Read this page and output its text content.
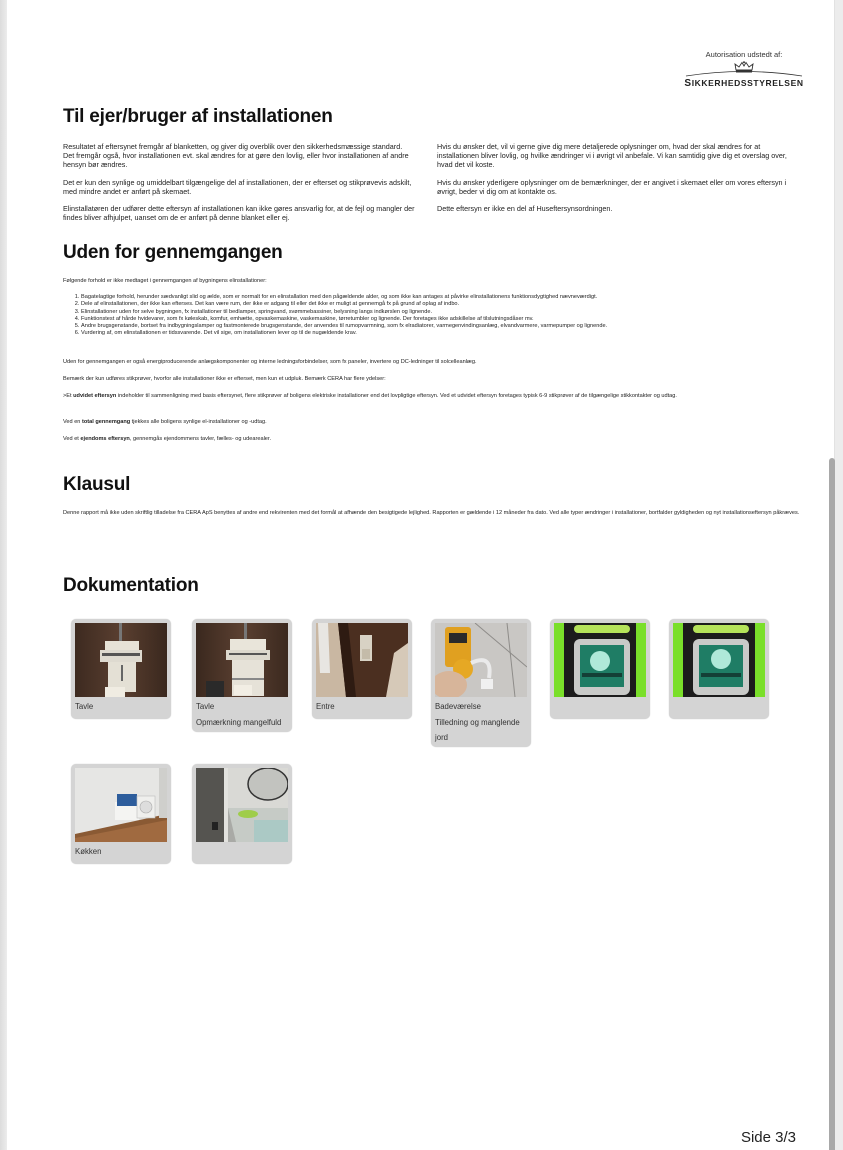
Autorisation udstedt af:
SIKKERHEDSSTYRELSEN
Til ejer/bruger af installationen

Resultatet af eftersynet fremgår af blanketten, og giver dig overblik over den sikkerhedsmæssige standard. Det fremgår også, hvor installationen evt. skal ændres for at gøre den lovlig, eller hvor installationen af andre hensyn bør ændres.

Det er kun den synlige og umiddelbart tilgængelige del af installationen, der er efterset og stikprøvevis adskilt, med mindre andet er anført på skemaet.

Elinstallatøren der udfører dette eftersyn af installationen kan ikke gøres ansvarlig for, at de fejl og mangler der findes bliver afhjulpet, uanset om de er anført på denne blanket eller ej.

Hvis du ønsker det, vil vi gerne give dig mere detaljerede oplysninger om, hvad der skal ændres for at installationen bliver lovlig, og hvilke ændringer vi i øvrigt vil anbefale. Vi kan samtidig give dig et overslag over, hvad det vil koste.

Hvis du ønsker yderligere oplysninger om de bemærkninger, der er angivet i skemaet eller om vores eftersyn i øvrigt, beder vi dig om at kontakte os.

Dette eftersyn er ikke en del af Huseftersynsordningen.

Uden for gennemgangen

Følgende forhold er ikke medtaget i gennemgangen af bygningens elinstallationer:

1. Bagatelagtige forhold, herunder sædvanligt slid og ælde, som er normalt for en elinstallation med den pågældende alder, og som ikke kan antages at påvirke elinstallationens funktionsdygtighed nævneværdigt.
2. Dele af elinstallationen, der ikke kan efterses. Det kan være rum, der ikke er adgang til eller det ikke er muligt at gennemgå fx på grund af oplag af indbo.
3. Elinstallationer uden for selve bygningen, fx installationer til bedlamper, springvand, svømmebassiner, belysning langs indkørslen og lignende.
4. Funktionstest af hårde hvidevarer, som fx køleskab, komfur, emhætte, opvaskemaskine, vaskemaskine, tørretumbler og lignende. Der foretages ikke adskillelse af tilslutningsdåser mv.
5. Andre brugsgenstande, bortset fra indbygningslamper og fastmonterede brugsgenstande, der anvendes til rumopvarmning, som fx elradiatorer, varmegenvindingsanlæg, elvandvarmere, varmepumper og lignende.
6. Vurdering af, om elinstallationen er tidssvarende. Det vil sige, om installationen lever op til de nugældende krav.

Uden for gennemgangen er også energiproducerende anlægskomponenter og interne ledningsforbindelser, som fx paneler, invertere og DC-ledninger til solcelleanlæg.

Bemærk der kun udføres stikprøver, hvorfor alle installationer ikke er efterset, men kun et udpluk. Bemærk CERA har flere ydelser:

>Et udvidet eftersyn indeholder til sammenligning med basis eftersynet, flere stikprøver af boligens elektriske installationer end det lovpligtige eftersyn. Ved et udvidet eftersyn foretages typisk 6-9 stikprøver af de tilgængelige stikkontakter og udtag.

Ved en total gennemgang tjekkes alle boligens synlige el-installationer og -udtag.

Ved et ejendoms eftersyn, gennemgås ejendommens tavler, fælles- og udearealer.

Klausul

Denne rapport må ikke uden skriftlig tilladelse fra CERA ApS benyttes af andre end rekvirenten med det formål at afhænde den besigtigede lejlighed. Rapporten er gældende i 12 måneder fra dato. Ved alle typer ændringer i installationer, bortfalder gyldigheden og nyt installationseftersyn påkræves.

Dokumentation
Tavle	Tavle
Opmærkning mangelfuld
Entre	Badeværelse
Tilledning og manglende
jord
Køkken
Side 3/3
